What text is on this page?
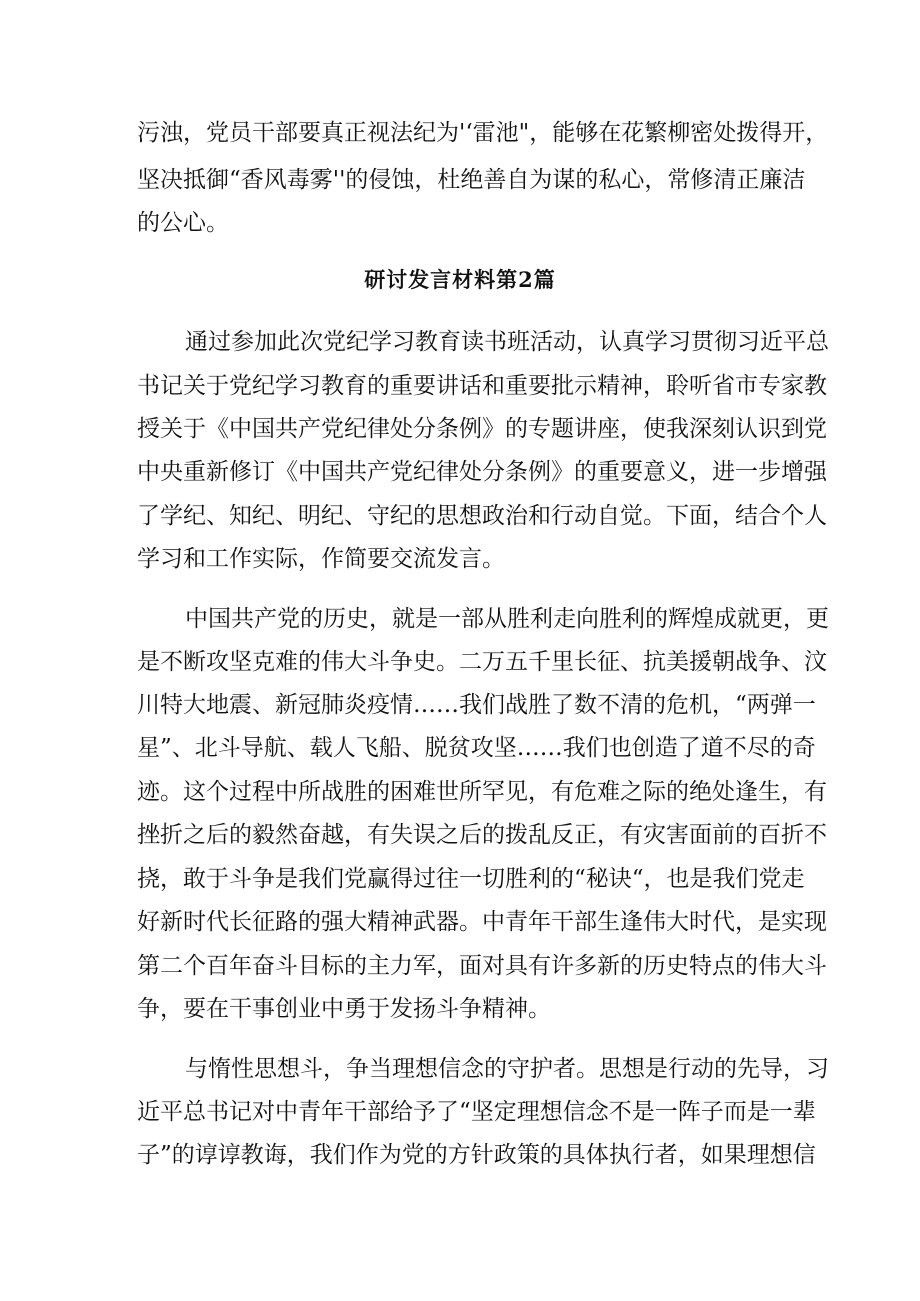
污浊，党员干部要真正视法纪为'‘雷池"，能够在花繁柳密处拨得开，
坚决抵御“香风毒雾''的侵蚀，杜绝善自为谋的私心，常修清正廉洁
的公心。
研讨发言材料第2篇
通过参加此次党纪学习教育读书班活动，认真学习贯彻习近平总
书记关于党纪学习教育的重要讲话和重要批示精神，聆听省市专家教
授关于《中国共产党纪律处分条例》的专题讲座，使我深刻认识到党
中央重新修订《中国共产党纪律处分条例》的重要意义，进一步增强
了学纪、知纪、明纪、守纪的思想政治和行动自觉。下面，结合个人
学习和工作实际，作简要交流发言。
中国共产党的历史，就是一部从胜利走向胜利的辉煌成就更，更
是不断攻坚克难的伟大斗争史。二万五千里长征、抗美援朝战争、汶
川特大地震、新冠肺炎疫情……我们战胜了数不清的危机，“两弹一
星”、北斗导航、载人飞船、脱贫攻坚……我们也创造了道不尽的奇
迹。这个过程中所战胜的困难世所罕见，有危难之际的绝处逢生，有
挫折之后的毅然奋越，有失误之后的拨乱反正，有灾害面前的百折不
挠，敢于斗争是我们党赢得过往一切胜利的“秘诀“，也是我们党走
好新时代长征路的强大精神武器。中青年干部生逢伟大时代，是实现
第二个百年奋斗目标的主力军，面对具有许多新的历史特点的伟大斗
争，要在干事创业中勇于发扬斗争精神。
与惰性思想斗，争当理想信念的守护者。思想是行动的先导，习
近平总书记对中青年干部给予了“坚定理想信念不是一阵子而是一辈
子”的谆谆教诲，我们作为党的方针政策的具体执行者，如果理想信
